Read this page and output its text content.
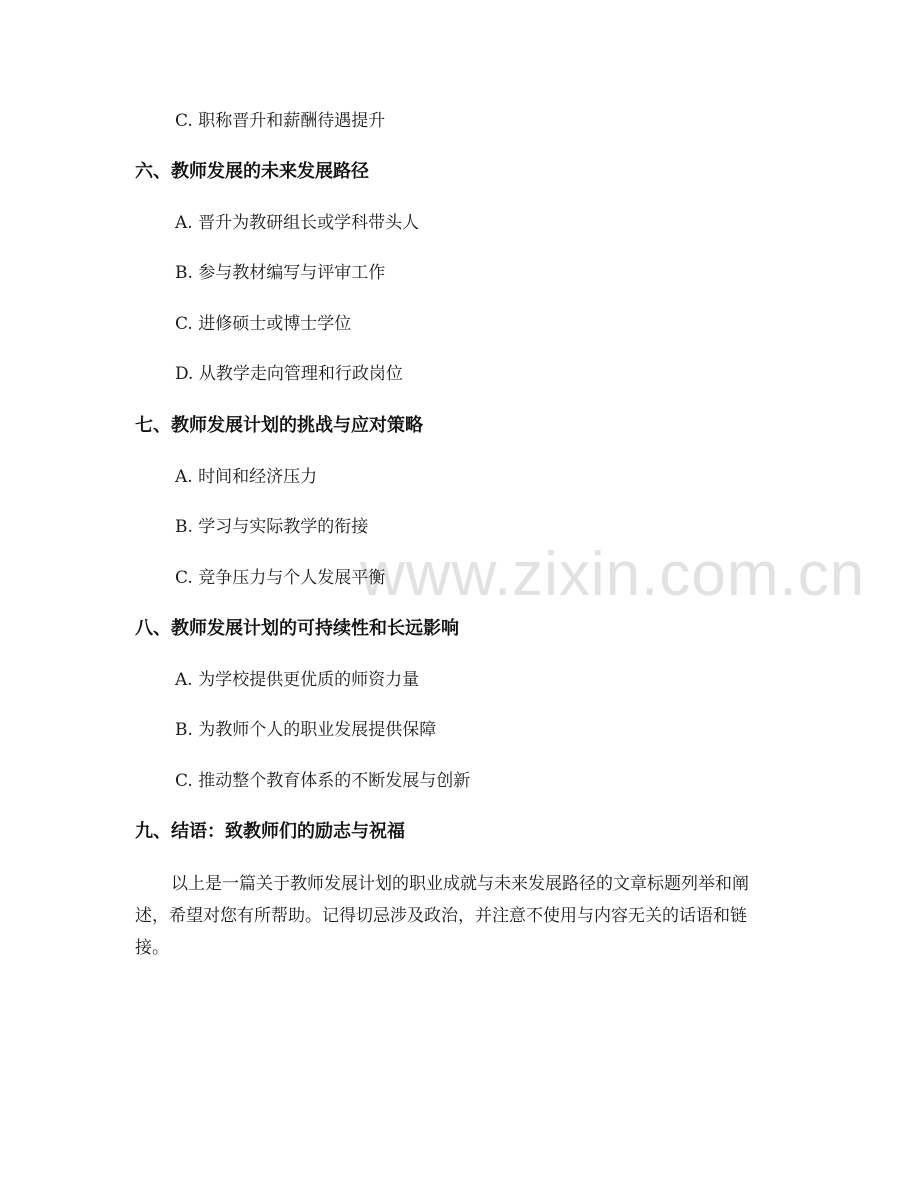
www.zixin.com.cn
C. 职称晋升和薪酬待遇提升
六、教师发展的未来发展路径
A. 晋升为教研组长或学科带头人
B. 参与教材编写与评审工作
C. 进修硕士或博士学位
D. 从教学走向管理和行政岗位
七、教师发展计划的挑战与应对策略
A. 时间和经济压力
B. 学习与实际教学的衔接
C. 竞争压力与个人发展平衡
八、教师发展计划的可持续性和长远影响
A. 为学校提供更优质的师资力量
B. 为教师个人的职业发展提供保障
C. 推动整个教育体系的不断发展与创新
九、结语：致教师们的励志与祝福
以上是一篇关于教师发展计划的职业成就与未来发展路径的文章标题列举和阐
述，希望对您有所帮助。记得切忌涉及政治，并注意不使用与内容无关的话语和链
接。
